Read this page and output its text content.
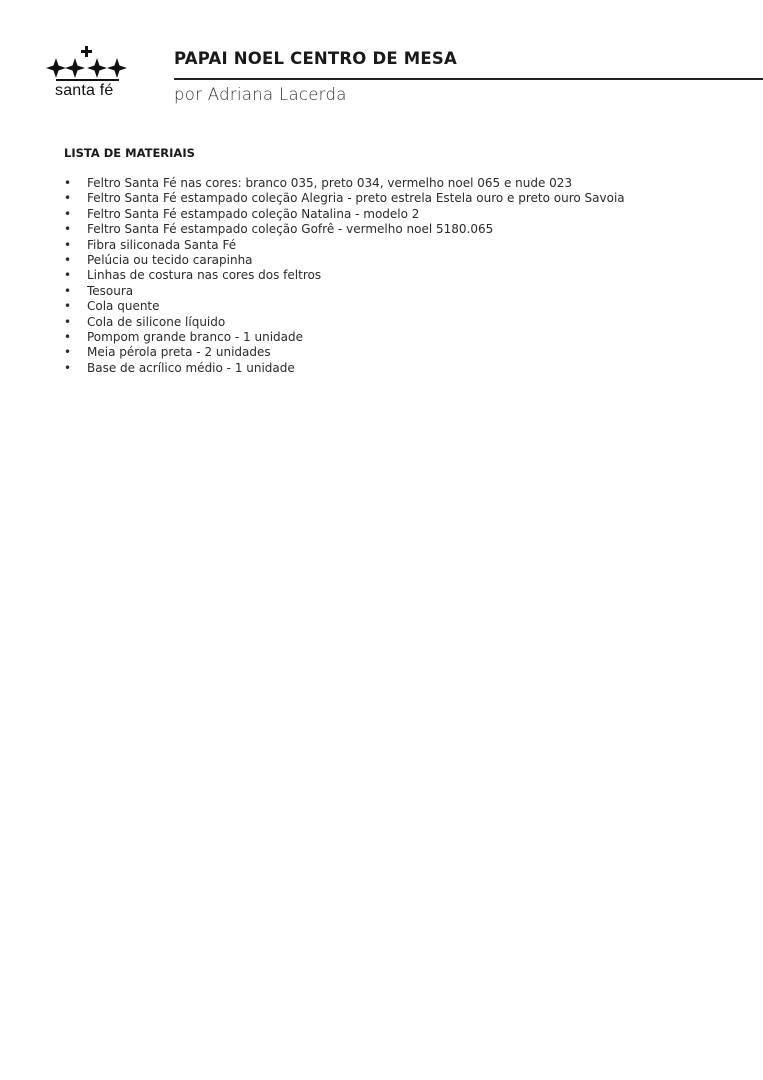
santa fé
PAPAI NOEL CENTRO DE MESA
por Adriana Lacerda
LISTA DE MATERIAIS
• Feltro Santa Fé nas cores: branco 035, preto 034, vermelho noel 065 e nude 023
• Feltro Santa Fé estampado coleção Alegria - preto estrela Estela ouro e preto ouro Savoia
• Feltro Santa Fé estampado coleção Natalina - modelo 2
• Feltro Santa Fé estampado coleção Gofrê - vermelho noel 5180.065
• Fibra siliconada Santa Fé
• Pelúcia ou tecido carapinha
• Linhas de costura nas cores dos feltros
• Tesoura
• Cola quente
• Cola de silicone líquido
• Pompom grande branco - 1 unidade
• Meia pérola preta - 2 unidades
• Base de acrílico médio - 1 unidade
